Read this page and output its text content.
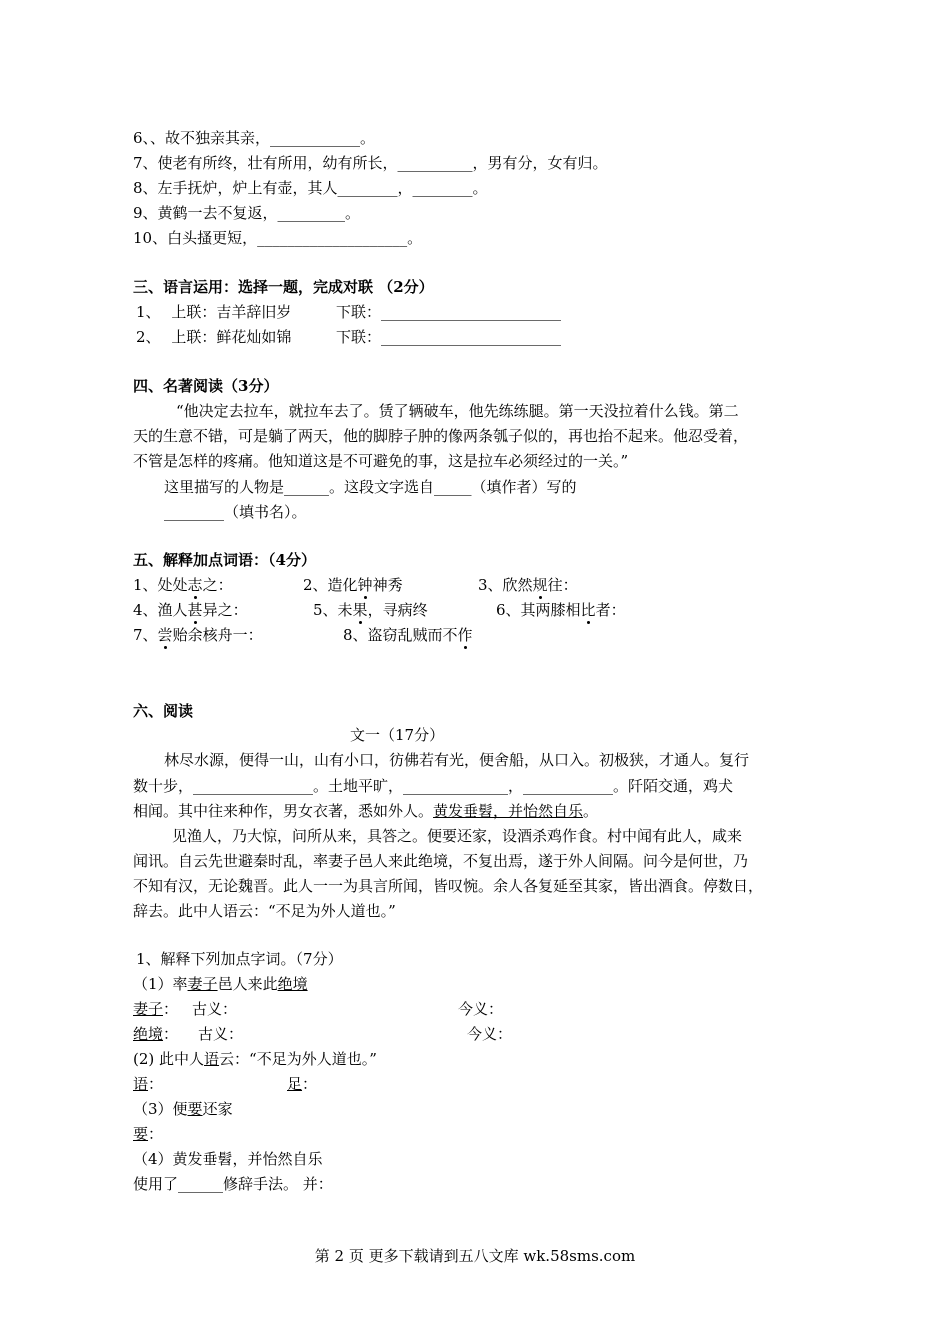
6、、故不独亲其亲，____________。
7、使老有所终，壮有所用，幼有所长，__________，男有分，女有归。
8、左手抚炉，炉上有壶，其人________，________。
9、黄鹤一去不复返，_________。
10、白头搔更短，____________________。
三、语言运用：选择一题，完成对联 （2分）
1、 上联：吉羊辞旧岁	下联：________________________
2、 上联：鲜花灿如锦	下联：________________________
四、名著阅读（3分）
“他决定去拉车，就拉车去了。赁了辆破车，他先练练腿。第一天没拉着什么钱。第二
天的生意不错，可是躺了两天，他的脚脖子肿的像两条瓠子似的，再也抬不起来。他忍受着，
不管是怎样的疼痛。他知道这是不可避免的事，这是拉车必须经过的一关。”
这里描写的人物是______。这段文字选自_____（填作者）写的
________（填书名）。
五、解释加点词语：（4分）
1、处处志之：	2、造化钟神秀	3、欣然规往：
4、渔人甚异之：	5、未果，寻病终	6、其两膝相比者：
7、尝贻余核舟一：	8、盗窃乱贼而不作
六、阅读
文一（17分）
林尽水源，便得一山，山有小口，彷佛若有光，便舍船，从口入。初极狭，才通人。复行
数十步，________________。土地平旷，______________，____________。阡陌交通，鸡犬
相闻。其中往来种作，男女衣著，悉如外人。黄发垂髫，并怡然自乐。
见渔人，乃大惊，问所从来，具答之。便要还家，设酒杀鸡作食。村中闻有此人，咸来
闻讯。自云先世避秦时乱，率妻子邑人来此绝境，不复出焉，遂于外人间隔。问今是何世，乃
不知有汉，无论魏晋。此人一一为具言所闻，皆叹惋。余人各复延至其家，皆出酒食。停数日，
辞去。此中人语云：“不足为外人道也。”
1、解释下列加点字词。（7分）
（1）率妻子邑人来此绝境
妻子： 古义：	今义：
绝境： 古义：	今义：
(2) 此中人语云：“不足为外人道也。”
语：	足：
（3）便要还家
要：
（4）黄发垂髫，并怡然自乐
使用了______修辞手法。 并：
第 2 页 更多下载请到五八文库 wk.58sms.com
